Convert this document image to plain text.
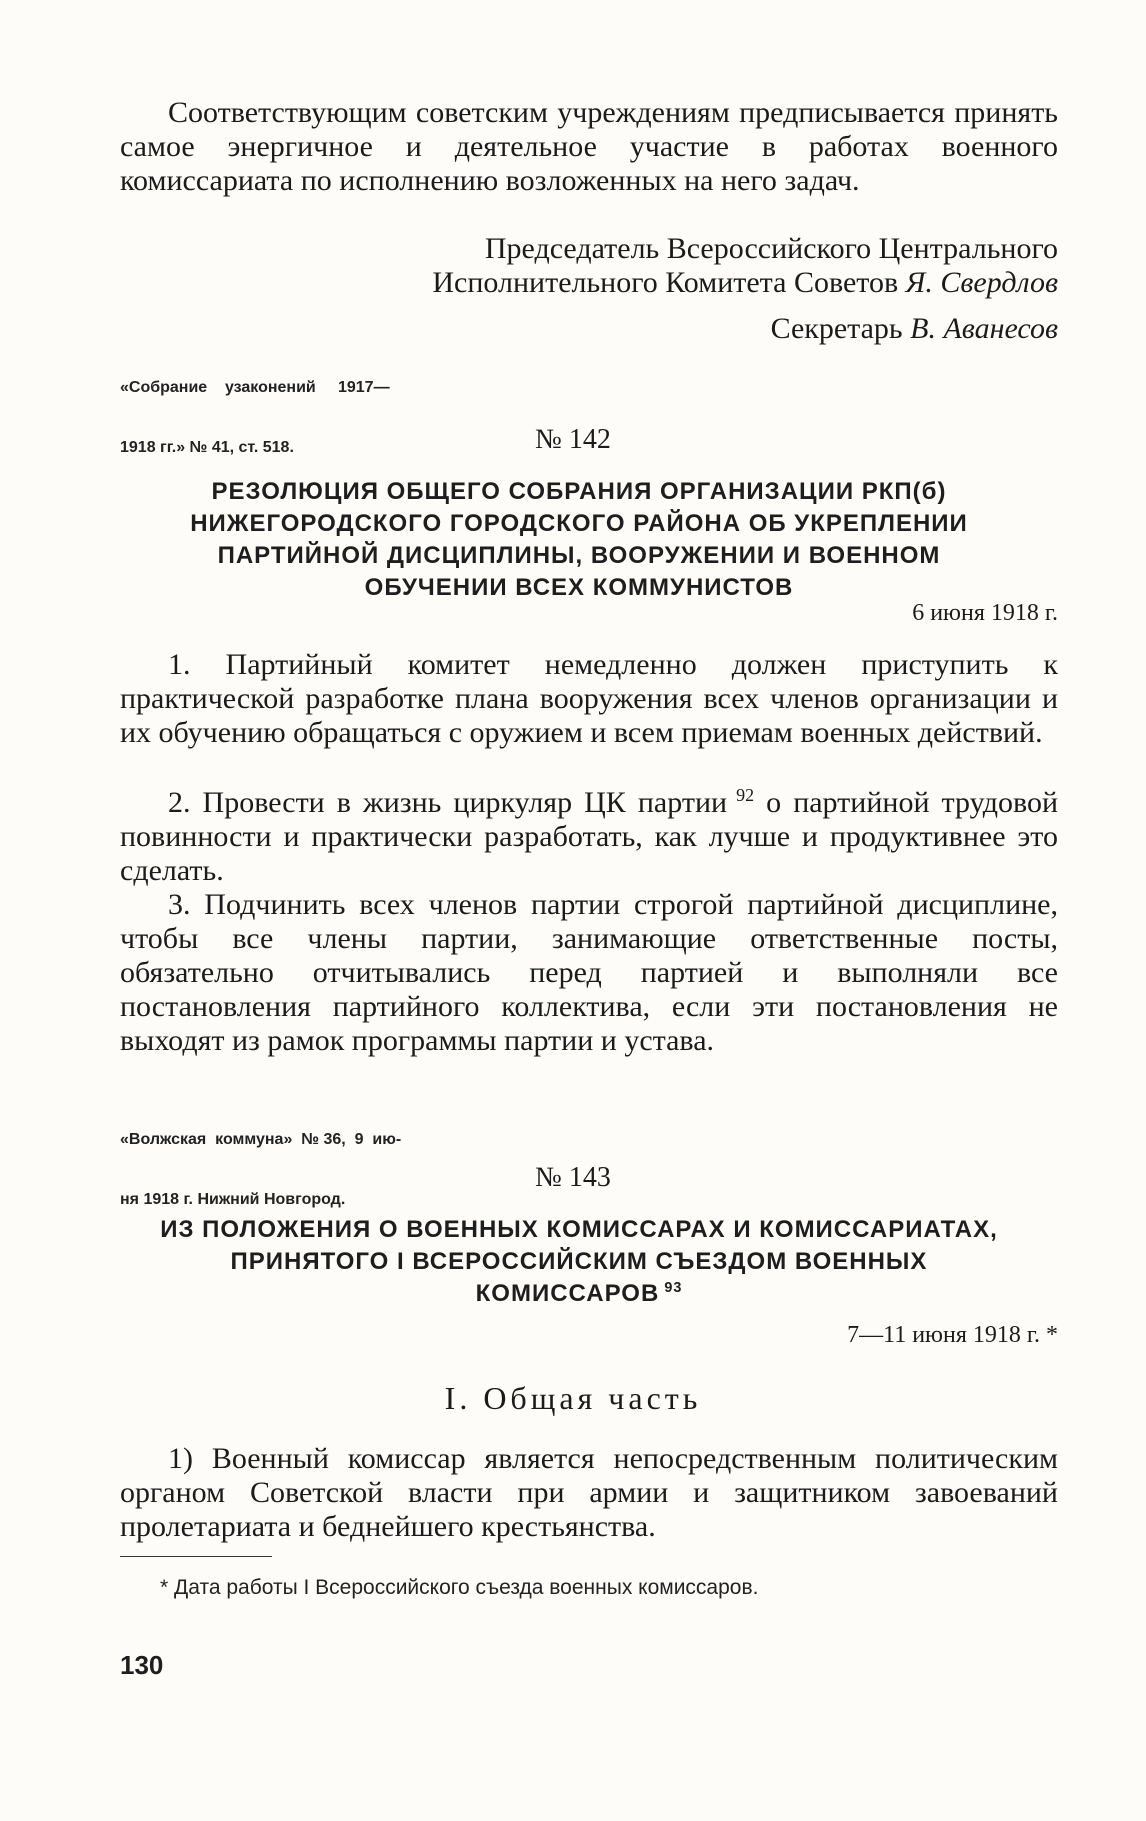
Соответствующим советским учреждениям предписывается принять самое энергичное и деятельное участие в работах военного комиссариата по исполнению возложенных на него задач.
Председатель Всероссийского Центрального
Исполнительного Комитета Советов Я. Свердлов
Секретарь В. Аванесов

«Собрание    узаконений     1917—

1918 гг.» № 41, ст. 518.

	№ 142
РЕЗОЛЮЦИЯ ОБЩЕГО СОБРАНИЯ ОРГАНИЗАЦИИ РКП(б)
НИЖЕГОРОДСКОГО ГОРОДСКОГО РАЙОНА ОБ УКРЕПЛЕНИИ
ПАРТИЙНОЙ ДИСЦИПЛИНЫ, ВООРУЖЕНИИ И ВОЕННОМ
ОБУЧЕНИИ ВСЕХ КОММУНИСТОВ
6 июня 1918 г.
1. Партийный комитет немедленно должен приступить к практической разработке плана вооружения всех членов организации и их обучению обращаться с оружием и всем приемам военных действий.
2. Провести в жизнь циркуляр ЦК партии $^{92}$ о партийной трудовой повинности и практически разработать, как лучше и продуктивнее это сделать.
3. Подчинить всех членов партии строгой партийной дисциплине, чтобы все члены партии, занимающие ответственные посты, обязательно отчитывались перед партией и выполняли все постановления партийного коллектива, если эти постановления не выходят из рамок программы партии и устава.

«Волжская  коммуна»  № 36,  9  ию-

ня 1918 г. Нижний Новгород.

№ 143
ИЗ ПОЛОЖЕНИЯ О ВОЕННЫХ КОМИССАРАХ И КОМИССАРИАТАХ,
ПРИНЯТОГО I ВСЕРОССИЙСКИМ СЪЕЗДОМ ВОЕННЫХ
КОМИССАРОВ $^{93}$
7—11 июня 1918 г. *
I. Общая часть
1) Военный комиссар является непосредственным политическим органом Советской власти при армии и защитником завоеваний пролетариата и беднейшего крестьянства.
* Дата работы I Всероссийского съезда военных комиссаров.
130
